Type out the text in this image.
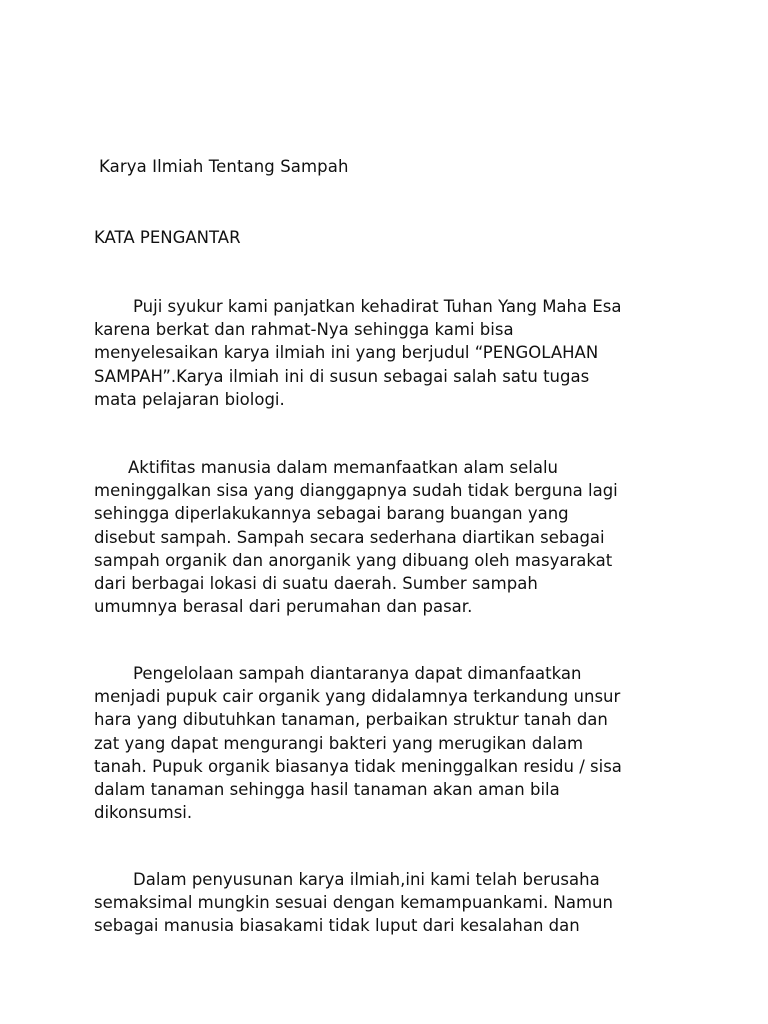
Karya Ilmiah Tentang Sampah
KATA PENGANTAR

Puji syukur kami panjatkan kehadirat Tuhan Yang Maha Esa
karena berkat dan rahmat-Nya sehingga kami bisa
menyelesaikan karya ilmiah ini yang berjudul “PENGOLAHAN
SAMPAH”.Karya ilmiah ini di susun sebagai salah satu tugas
mata pelajaran biologi.

Aktifitas manusia dalam memanfaatkan alam selalu
meninggalkan sisa yang dianggapnya sudah tidak berguna lagi
sehingga diperlakukannya sebagai barang buangan yang
disebut sampah. Sampah secara sederhana diartikan sebagai
sampah organik dan anorganik yang dibuang oleh masyarakat
dari berbagai lokasi di suatu daerah. Sumber sampah
umumnya berasal dari perumahan dan pasar.

Pengelolaan sampah diantaranya dapat dimanfaatkan
menjadi pupuk cair organik yang didalamnya terkandung unsur
hara yang dibutuhkan tanaman, perbaikan struktur tanah dan
zat yang dapat mengurangi bakteri yang merugikan dalam
tanah. Pupuk organik biasanya tidak meninggalkan residu / sisa
dalam tanaman sehingga hasil tanaman akan aman bila
dikonsumsi.

Dalam penyusunan karya ilmiah,ini kami telah berusaha
semaksimal mungkin sesuai dengan kemampuankami. Namun
sebagai manusia biasakami tidak luput dari kesalahan dan
